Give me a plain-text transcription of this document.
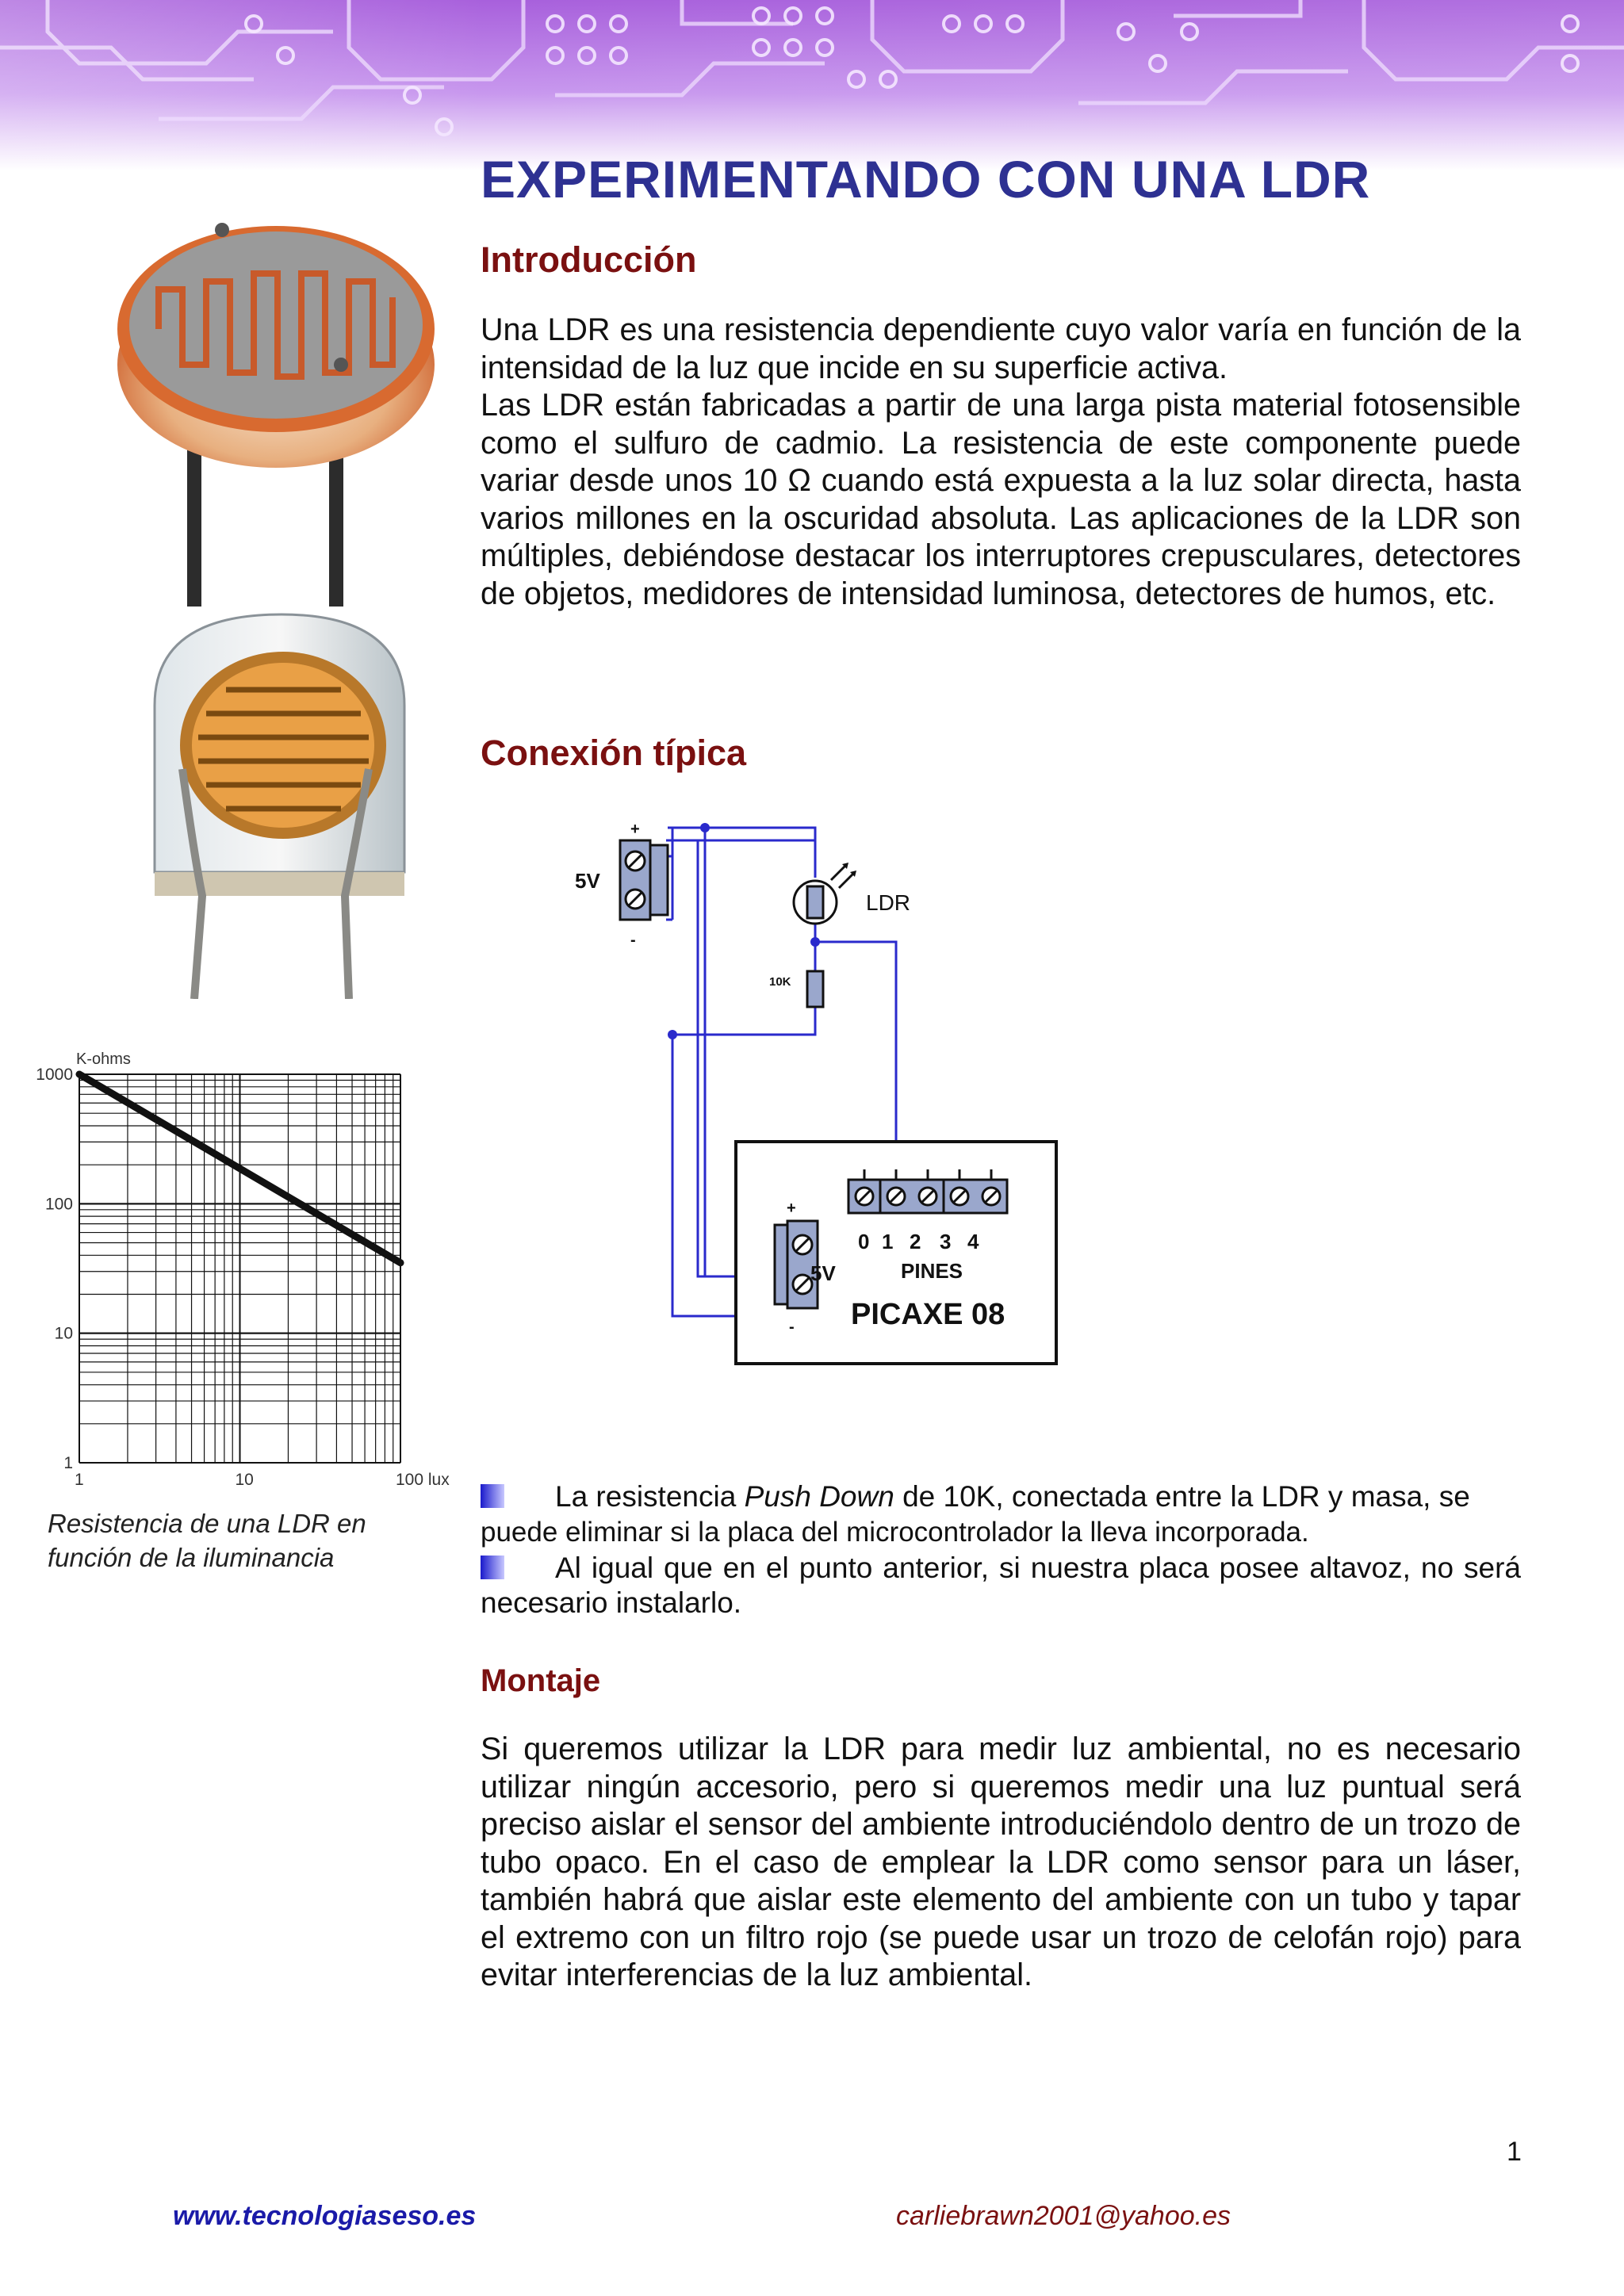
EXPERIMENTANDO CON UNA LDR
Introducción

Una LDR es una resistencia dependiente cuyo valor varía en función de la intensidad de la luz que incide en su superficie activa.

Las LDR están fabricadas a partir de una larga pista material fotosensible como el sulfuro de cadmio. La resistencia de este componente puede variar desde unos 10 Ω cuando está expuesta a la luz solar directa, hasta varios millones en la oscuridad absoluta. Las aplicaciones de la LDR son múltiples, debiéndose destacar los interruptores crepusculares, detectores de objetos, medidores de intensidad luminosa, detectores de humos, etc.

Conexión típica
+
-
5V
LDR
10K
0 1 2 3 4
PINES
PICAXE 08
+
-
5V
K-ohms
1000
100
10
1
1	10	100 lux
Resistencia de una LDR en función de la iluminancia
La resistencia Push Down de 10K, conectada entre la LDR y masa, se
puede eliminar si la placa del microcontrolador la lleva incorporada.
Al igual que en el punto anterior, si nuestra placa posee altavoz, no será necesario instalarlo.
Montaje
Si queremos utilizar la LDR para medir luz ambiental, no es necesario utilizar ningún accesorio, pero si queremos medir una luz puntual será preciso aislar el sensor del ambiente introduciéndolo dentro de un trozo de tubo opaco. En el caso de emplear la LDR como sensor para un láser, también habrá que aislar este elemento del ambiente con un tubo y tapar el extremo con un filtro rojo (se puede usar un trozo de celofán rojo) para evitar interferencias de la luz ambiental.
1
www.tecnologiaseso.es	carliebrawn2001@yahoo.es
